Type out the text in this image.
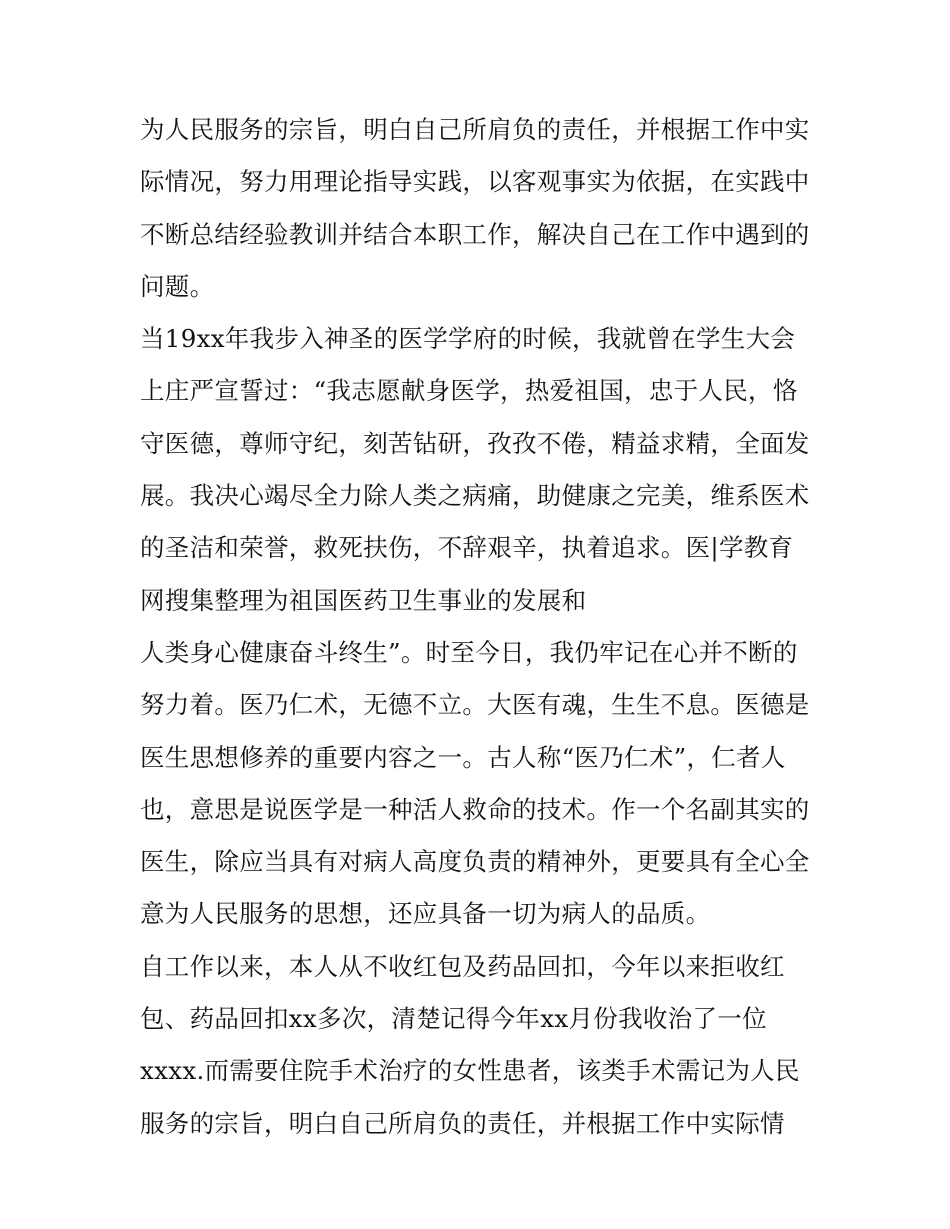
为人民服务的宗旨，明白自己所肩负的责任，并根据工作中实
际情况，努力用理论指导实践，以客观事实为依据，在实践中
不断总结经验教训并结合本职工作，解决自己在工作中遇到的
问题。
当19xx年我步入神圣的医学学府的时候，我就曾在学生大会
上庄严宣誓过：“我志愿献身医学，热爱祖国，忠于人民，恪
守医德，尊师守纪，刻苦钻研，孜孜不倦，精益求精，全面发
展。我决心竭尽全力除人类之病痛，助健康之完美，维系医术
的圣洁和荣誉，救死扶伤，不辞艰辛，执着追求。医|学教育
网搜集整理为祖国医药卫生事业的发展和
人类身心健康奋斗终生”。时至今日，我仍牢记在心并不断的
努力着。医乃仁术，无德不立。大医有魂，生生不息。医德是
医生思想修养的重要内容之一。古人称“医乃仁术”，仁者人
也，意思是说医学是一种活人救命的技术。作一个名副其实的
医生，除应当具有对病人高度负责的精神外，更要具有全心全
意为人民服务的思想，还应具备一切为病人的品质。
自工作以来，本人从不收红包及药品回扣，今年以来拒收红
包、药品回扣xx多次，清楚记得今年xx月份我收治了一位
xxxx.而需要住院手术治疗的女性患者，该类手术需记为人民
服务的宗旨，明白自己所肩负的责任，并根据工作中实际情
